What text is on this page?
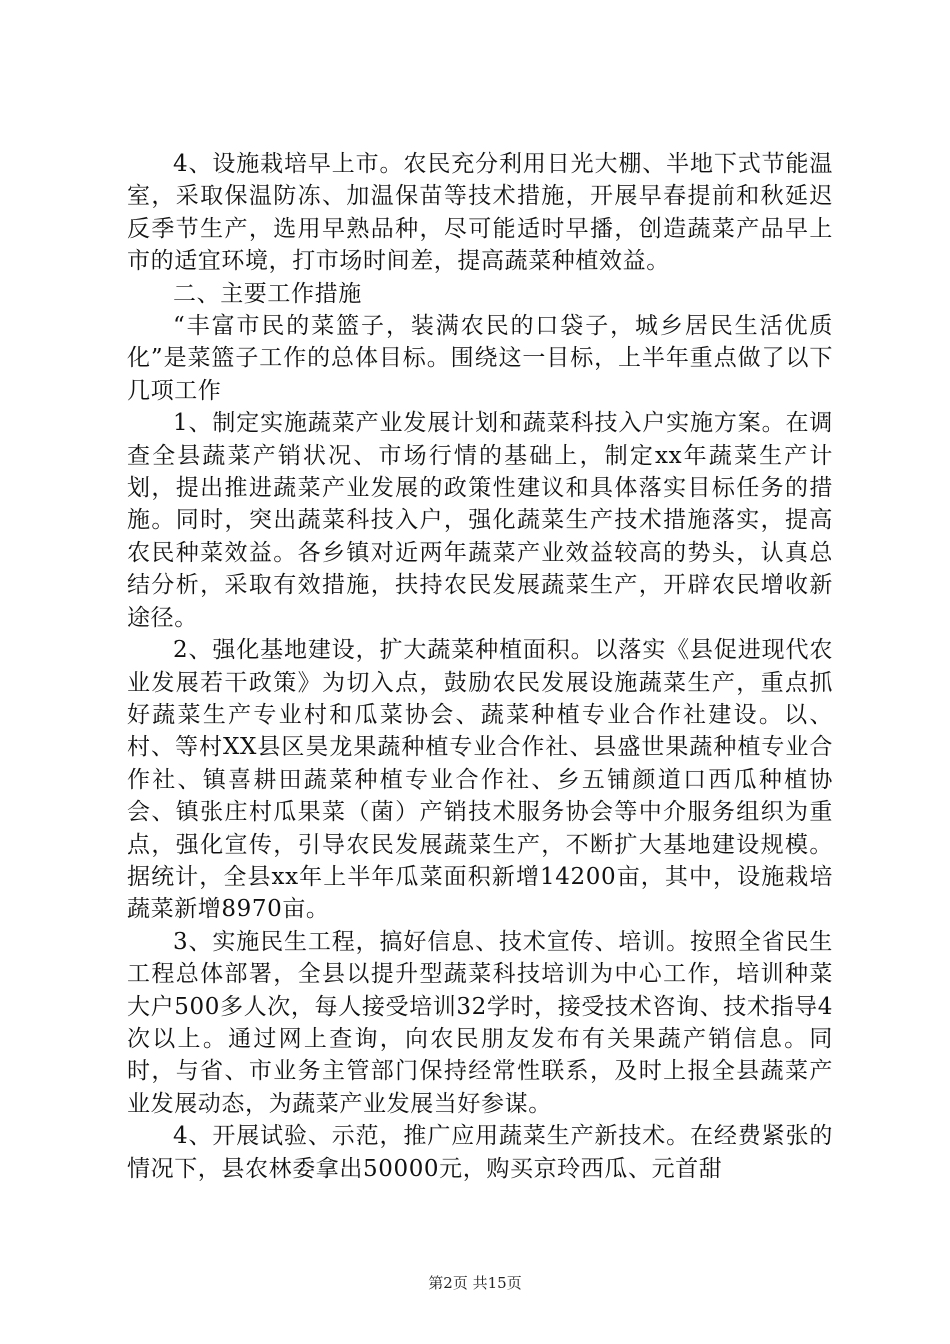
4、设施栽培早上市。农民充分利用日光大棚、半地下式节能温室，采取保温防冻、加温保苗等技术措施，开展早春提前和秋延迟反季节生产，选用早熟品种，尽可能适时早播，创造蔬菜产品早上市的适宜环境，打市场时间差，提高蔬菜种植效益。

二、主要工作措施

“丰富市民的菜篮子，装满农民的口袋子，城乡居民生活优质化”是菜篮子工作的总体目标。围绕这一目标，上半年重点做了以下几项工作

1、制定实施蔬菜产业发展计划和蔬菜科技入户实施方案。在调查全县蔬菜产销状况、市场行情的基础上，制定xx年蔬菜生产计划，提出推进蔬菜产业发展的政策性建议和具体落实目标任务的措施。同时，突出蔬菜科技入户，强化蔬菜生产技术措施落实，提高农民种菜效益。各乡镇对近两年蔬菜产业效益较高的势头，认真总结分析，采取有效措施，扶持农民发展蔬菜生产，开辟农民增收新途径。

2、强化基地建设，扩大蔬菜种植面积。以落实《县促进现代农业发展若干政策》为切入点，鼓励农民发展设施蔬菜生产，重点抓好蔬菜生产专业村和瓜菜协会、蔬菜种植专业合作社建设。以、村、等村XX县区昊龙果蔬种植专业合作社、县盛世果蔬种植专业合作社、镇喜耕田蔬菜种植专业合作社、乡五铺颜道口西瓜种植协会、镇张庄村瓜果菜（菌）产销技术服务协会等中介服务组织为重点，强化宣传，引导农民发展蔬菜生产，不断扩大基地建设规模。据统计，全县xx年上半年瓜菜面积新增14200亩，其中，设施栽培蔬菜新增8970亩。

3、实施民生工程，搞好信息、技术宣传、培训。按照全省民生工程总体部署，全县以提升型蔬菜科技培训为中心工作，培训种菜大户500多人次，每人接受培训32学时，接受技术咨询、技术指导4次以上。通过网上查询，向农民朋友发布有关果蔬产销信息。同时，与省、市业务主管部门保持经常性联系，及时上报全县蔬菜产业发展动态，为蔬菜产业发展当好参谋。

4、开展试验、示范，推广应用蔬菜生产新技术。在经费紧张的情况下，县农林委拿出50000元，购买京玲西瓜、元首甜

第2页 共15页
